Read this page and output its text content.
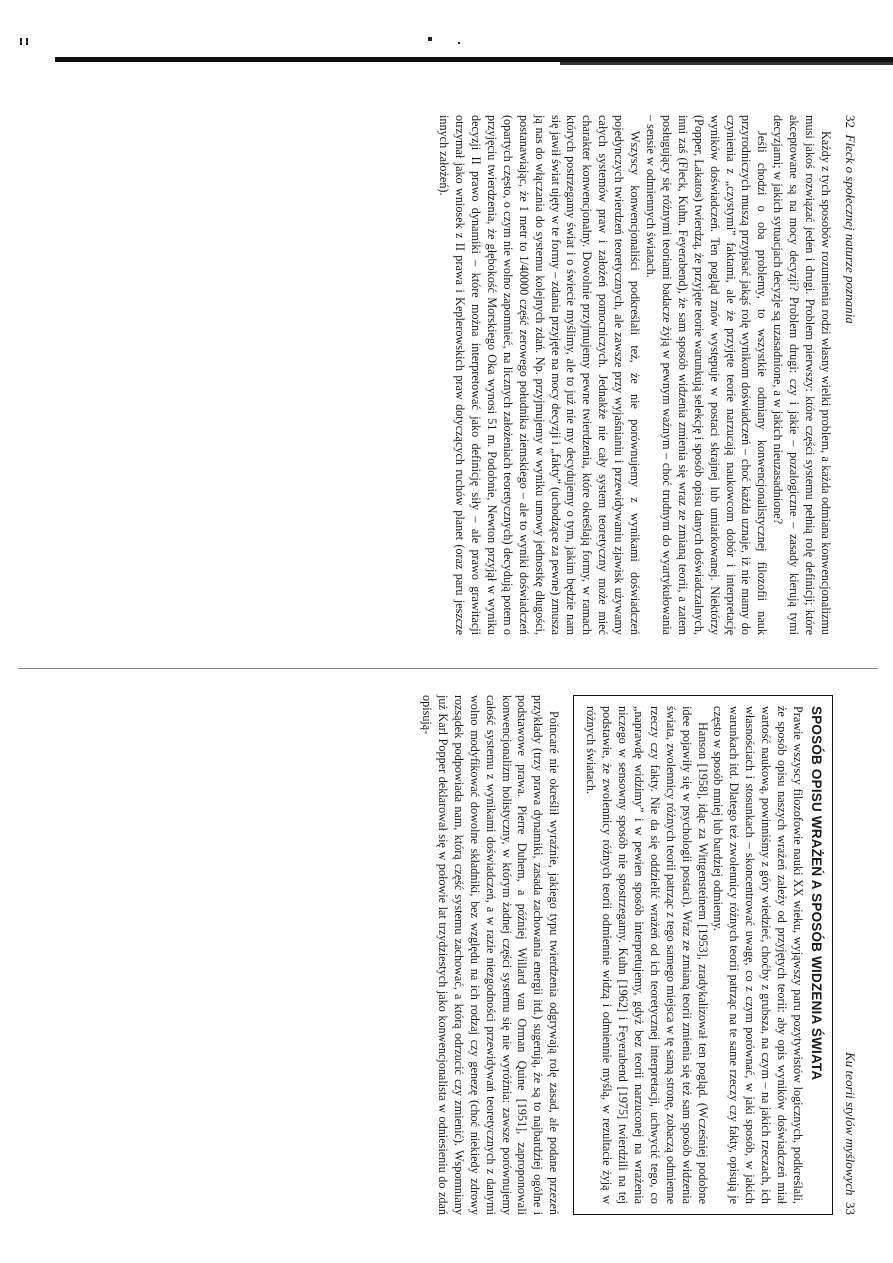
32  Fleck o społecznej naturze poznania

Każdy z tych sposobów rozumienia rodzi własny wielki problem, a każda odmiana konwencjonalizmu musi jakoś rozwiązać jeden i drugi. Problem pierwszy: które części systemu pełnią rolę definicji; które akceptowane są na mocy decyzji? Problem drugi: czy i jakie – pozalogiczne – zasady kierują tymi decyzjami; w jakich sytuacjach decyzje są uzasadnione, a w jakich nieuzasadnione?

Jeśli chodzi o oba problemy, to wszystkie odmiany konwencjonalistycznej filozofii nauk przyrodniczych muszą przypisać jakąś rolę wynikom doświadczeń – choć każda uznaje, iż nie mamy do czynienia z „czystymi” faktami, ale że przyjęte teorie narzucają naukowcom dobór i interpretację wyników doświadczeń. Ten pogląd znów występuje w postaci skrajnej lub umiarkowanej. Niektórzy (Popper, Lakatos) twierdzą, że przyjęte teorie warunkują selekcję i sposób opisu danych doświadczalnych, inni zaś (Fleck, Kuhn, Feyerabend), że sam sposób widzenia zmienia się wraz ze zmianą teorii, a zatem posługujący się różnymi teoriami badacze żyją w pewnym ważnym – choć trudnym do wyartykułowania – sensie w odmiennych światach.

Wszyscy konwencjonaliści podkreślali też, że nie porównujemy z wynikami doświadczeń pojedynczych twierdzeń teoretycznych, ale zawsze przy wyjaśnianiu i przewidywaniu zjawisk używamy całych systemów praw i założeń pomocniczych. Jednakże nie cały system teoretyczny może mieć charakter konwencjonalny. Dowolnie przyjmujemy pewne twierdzenia, które określają formy, w ramach których postrzegamy świat i o świecie myślimy, ale to już nie my decydujemy o tym, jakim będzie nam się jawił świat ujęty w te formy – zdania przyjęte na mocy decyzji i „fakty” (uchodzące za pewne) zmusza ją nas do włączania do systemu kolejnych zdań. Np. przyjmujemy w wyniku umowy jednostkę długości, postanawiając, że 1 metr to 1/40000 część zerowego południka ziemskiego – ale to wyniki doświadczeń (opartych często, o czym nie wolno zapomnieć, na licznych założeniach teoretycznych) decydują potem o przyjęciu twierdzenia, że głębokość Morskiego Oka wynosi 51 m. Podobnie, Newton przyjął w wyniku decyzji II prawo dynamiki – które można interpretować jako definicję siły – ale prawo grawitacji otrzymał jako wniosek z II prawa i Keplerowskich praw dotyczących ruchów planet (oraz paru jeszcze innych założeń).

Ku teorii stylów myślowych  33
SPOSÓB OPISU WRAŻEŃ A SPOSÓB WIDZENIA ŚWIATA

Prawie wszyscy filozofowie nauki XX wieku, wyjąwszy paru pozytywistów logicznych, podkreślali, że sposób opisu naszych wrażeń zależy od przyjętych teorii: aby opis wyników doświadczeń miał wartość naukową, powinniśmy z góry wiedzieć, choćby z grubsza, na czym – na jakich rzeczach, ich własnościach i stosunkach – skoncentrować uwagę, co z czym porównać, w jaki sposób, w jakich warunkach itd. Dlatego też zwolennicy różnych teorii patrząc na te same rzeczy czy fakty, opisują je często w sposób mniej lub bardziej odmienny.

Hanson [1958], idąc za Wittgensteinem [1953], zradykalizował ten pogląd. (Wcześniej podobne idee pojawiły się w psychologii postaci). Wraz ze zmianą teorii zmienia się też sam sposób widzenia świata, zwolennicy różnych teorii patrząc z tego samego miejsca w tę samą stronę, zobaczą odmienne rzeczy czy fakty. Nie da się oddzielić wrażeń od ich teoretycznej interpretacji, uchwycić tego, co „naprawdę widzimy” i w pewien sposób interpretujemy, gdyż bez teorii narzuconej na wrażenia niczego w sensowny sposób nie spostrzegamy. Kuhn [1962] i Feyerabend [1975] twierdzili na tej podstawie, że zwolennicy różnych teorii odmiennie widzą i odmiennie myślą, w rezultacie żyją w różnych światach.

Poincaré nie określił wyraźnie, jakiego typu twierdzenia odgrywają rolę zasad, ale podane przezeń przykłady (trzy prawa dynamiki, zasada zachowania energii itd.) sugerują, że są to najbardziej ogólne i podstawowe prawa. Pierre Duhem, a później Willard van Orman Quine [1951], zaproponowali konwencjonalizm holistyczny, w którym żadnej części systemu się nie wyróżnia: zawsze porównujemy całość systemu z wynikami doświadczeń, a w razie niezgodności przewidywań teoretycznych z danymi wolno modyfikować dowolne składniki, bez względu na ich rodzaj czy genezę (choć niekiedy zdrowy rozsądek podpowiada nam, którą część systemu zachować, a którą odrzucić czy zmienić). Wspomniany już Karl Popper deklarował się w połowie lat trzydziestych jako konwencjonalista w odniesieniu do zdań opisują-
